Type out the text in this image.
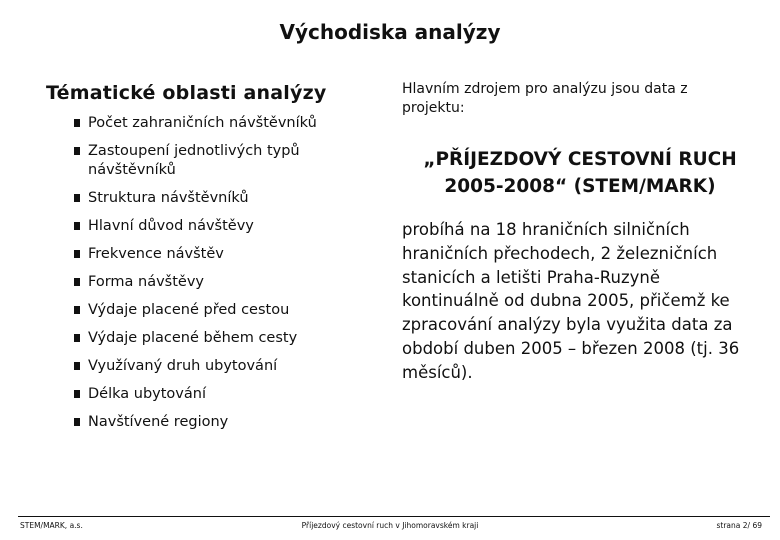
Východiska analýzy
Tématické oblasti analýzy
Počet zahraničních návštěvníků
Zastoupení jednotlivých typů návštěvníků
Struktura návštěvníků
Hlavní důvod návštěvy
Frekvence návštěv
Forma návštěvy
Výdaje placené před cestou
Výdaje placené během cesty
Využívaný druh ubytování
Délka ubytování
Navštívené regiony
Hlavním zdrojem pro analýzu jsou data z projektu:
„PŘÍJEZDOVÝ CESTOVNÍ RUCH
2005-2008“ (STEM/MARK)
probíhá na 18 hraničních silničních hraničních přechodech, 2 železničních stanicích a letišti Praha-Ruzyně kontinuálně od dubna 2005, přičemž ke zpracování analýzy byla využita data za období duben 2005 – březen 2008 (tj. 36 měsíců).
STEM/MARK, a.s.	Příjezdový cestovní ruch v Jihomoravském kraji	strana 2/ 69
